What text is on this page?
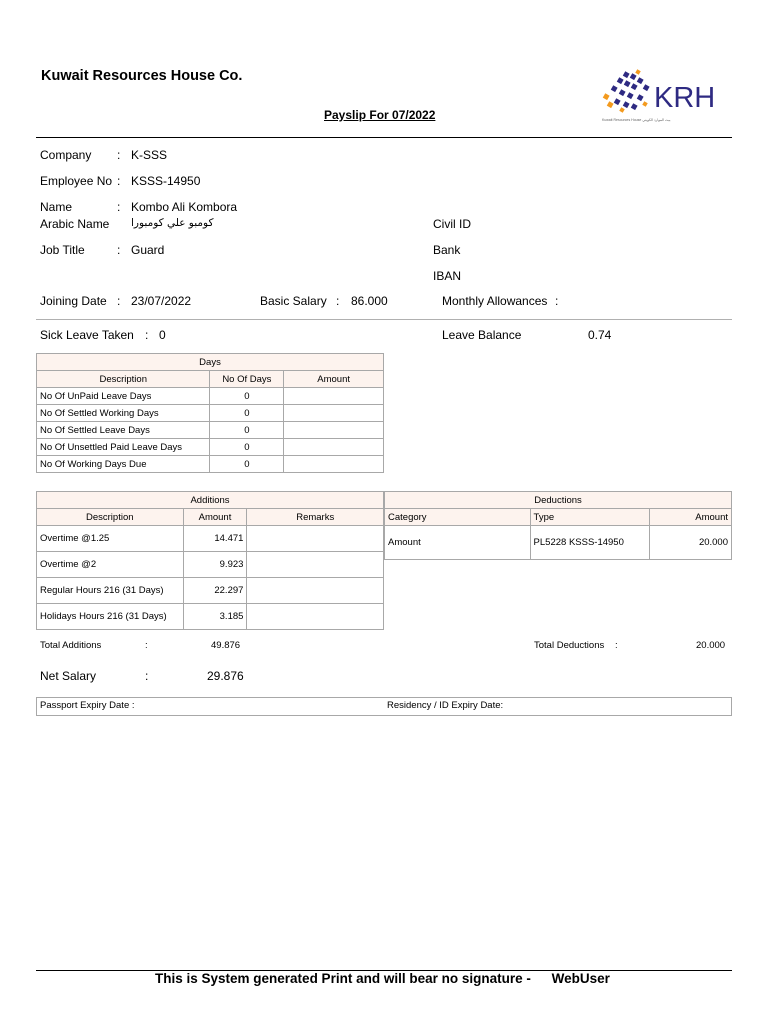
Kuwait Resources House Co.
Payslip For 07/2022
KRH
Kuwait Resources House بيت الموارد الكويتي
Company : K-SSS
Employee No : KSSS-14950
Name	: Kombo Ali Kombora
Arabic Name كومبو علي كومبورا	Civil ID
Job Title	: Guard	Bank
IBAN
Joining Date : 23/07/2022	Basic Salary : 86.000	Monthly Allowances :
Sick Leave Taken : 0	Leave Balance	0.74
Days		
Description	No Of Days	Amount
No Of UnPaid Leave Days	0	
No Of Settled Working Days	0	
No Of Settled Leave Days	0	
No Of Unsettled Paid Leave Days	0	
No Of Working Days Due	0	
Additions		
Description	Amount	Remarks
Overtime @1.25	14.471	
Overtime @2	9.923	
Regular Hours 216 (31 Days)	22.297	
Holidays Hours 216 (31 Days)	3.185	
Deductions		
Category	Type	Amount
Amount	PL5228 KSSS-14950	20.000
Total Additions	:	49.876	Total Deductions :	20.000
Net Salary	:	29.876
Passport Expiry Date :	Residency / ID Expiry Date:
This is System generated Print and will bear no signature - WebUser
